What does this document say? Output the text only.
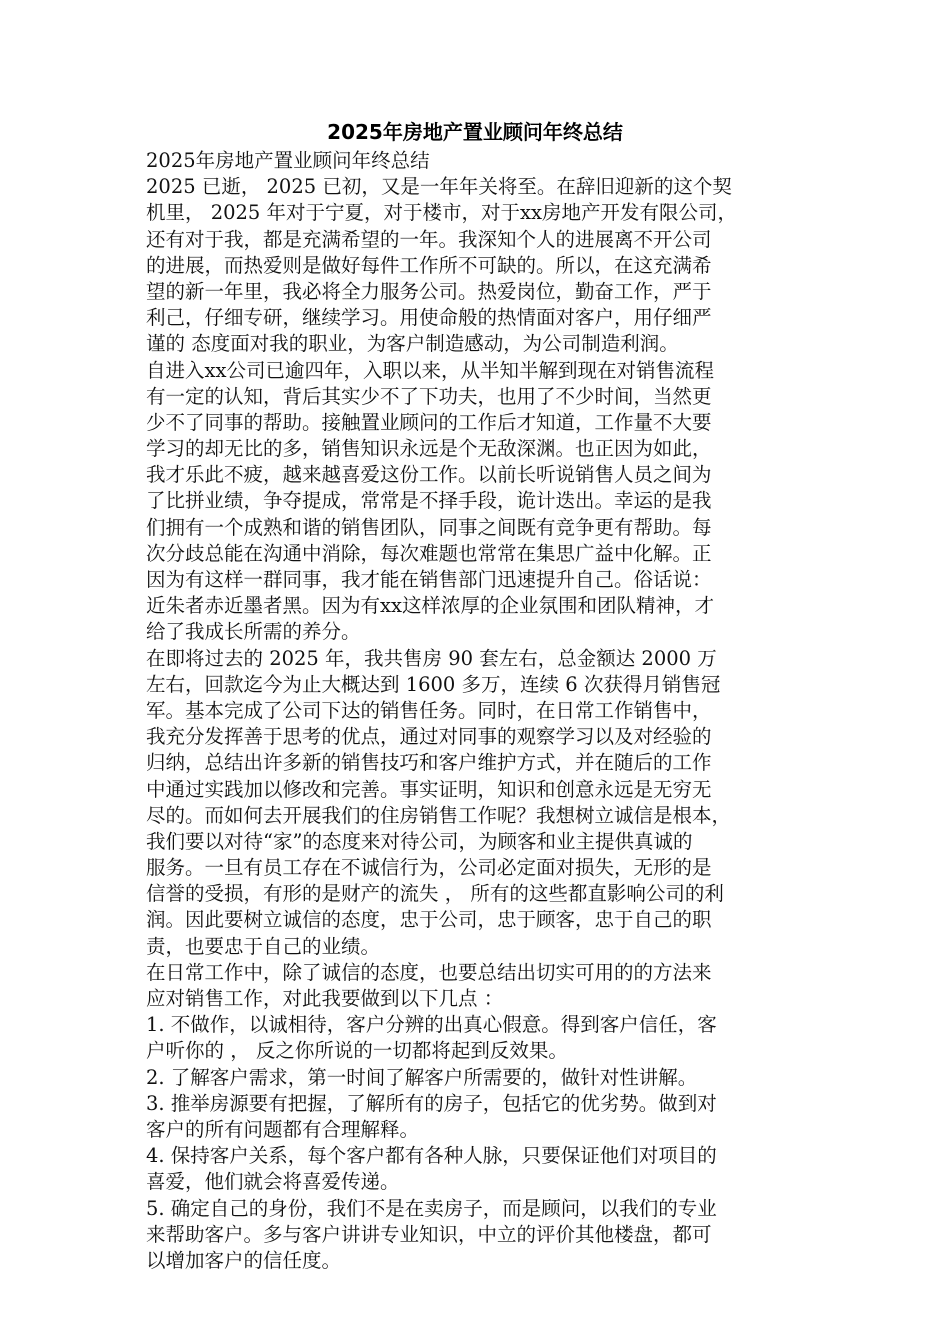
2025年房地产置业顾问年终总结
2025年房地产置业顾问年终总结
2025 已逝， 2025 已初，又是一年年关将至。在辞旧迎新的这个契
机里， 2025 年对于宁夏，对于楼市，对于xx房地产开发有限公司，
还有对于我，都是充满希望的一年。我深知个人的进展离不开公司
的进展，而热爱则是做好每件工作所不可缺的。所以，在这充满希
望的新一年里，我必将全力服务公司。热爱岗位，勤奋工作，严于
利己，仔细专研，继续学习。用使命般的热情面对客户，用仔细严
谨的 态度面对我的职业，为客户制造感动，为公司制造利润。
自进入xx公司已逾四年，入职以来，从半知半解到现在对销售流程
有一定的认知，背后其实少不了下功夫，也用了不少时间，当然更
少不了同事的帮助。接触置业顾问的工作后才知道，工作量不大要
学习的却无比的多，销售知识永远是个无敌深渊。也正因为如此，
我才乐此不疲，越来越喜爱这份工作。以前长听说销售人员之间为
了比拼业绩，争夺提成，常常是不择手段，诡计迭出。幸运的是我
们拥有一个成熟和谐的销售团队，同事之间既有竞争更有帮助。每
次分歧总能在沟通中消除，每次难题也常常在集思广益中化解。正
因为有这样一群同事，我才能在销售部门迅速提升自己。俗话说：
近朱者赤近墨者黑。因为有xx这样浓厚的企业氛围和团队精神，才
给了我成长所需的养分。
在即将过去的 2025 年，我共售房 90 套左右，总金额达 2000 万
左右，回款迄今为止大概达到 1600 多万，连续 6 次获得月销售冠
军。基本完成了公司下达的销售任务。同时，在日常工作销售中，
我充分发挥善于思考的优点，通过对同事的观察学习以及对经验的
归纳，总结出许多新的销售技巧和客户维护方式，并在随后的工作
中通过实践加以修改和完善。事实证明，知识和创意永远是无穷无
尽的。而如何去开展我们的住房销售工作呢？我想树立诚信是根本，
我们要以对待“家”的态度来对待公司，为顾客和业主提供真诚的
服务。一旦有员工存在不诚信行为，公司必定面对损失，无形的是
信誉的受损，有形的是财产的流失 ， 所有的这些都直影响公司的利
润。因此要树立诚信的态度，忠于公司，忠于顾客，忠于自己的职
责，也要忠于自己的业绩。
在日常工作中，除了诚信的态度，也要总结出切实可用的的方法来
应对销售工作，对此我要做到以下几点 ：
1. 不做作，以诚相待，客户分辨的出真心假意。得到客户信任，客
户听你的 ， 反之你所说的一切都将起到反效果。
2. 了解客户需求，第一时间了解客户所需要的，做针对性讲解。
3. 推举房源要有把握，了解所有的房子，包括它的优劣势。做到对
客户的所有问题都有合理解释。
4. 保持客户关系，每个客户都有各种人脉，只要保证他们对项目的
喜爱，他们就会将喜爱传递。
5. 确定自己的身份，我们不是在卖房子，而是顾问，以我们的专业
来帮助客户。多与客户讲讲专业知识，中立的评价其他楼盘，都可
以增加客户的信任度。
